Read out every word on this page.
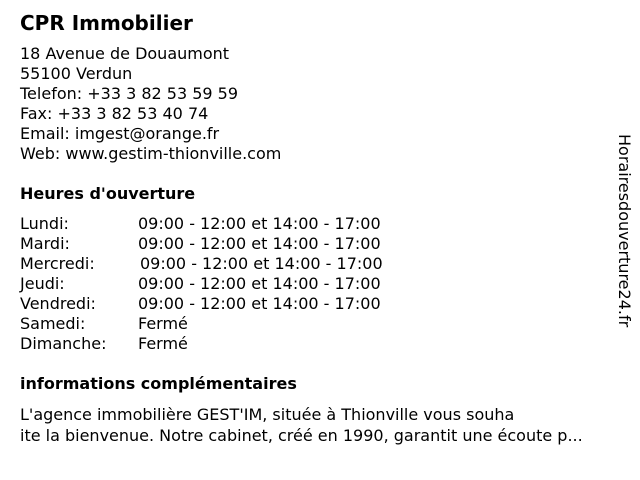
CPR Immobilier
18 Avenue de Douaumont
55100 Verdun
Telefon: +33 3 82 53 59 59
Fax: +33 3 82 53 40 74
Email: imgest@orange.fr
Web: www.gestim-thionville.com
Heures d'ouverture
Lundi:	09:00 - 12:00 et 14:00 - 17:00
Mardi:	09:00 - 12:00 et 14:00 - 17:00
Mercredi:	09:00 - 12:00 et 14:00 - 17:00
Jeudi:	09:00 - 12:00 et 14:00 - 17:00
Vendredi:	09:00 - 12:00 et 14:00 - 17:00
Samedi:	Fermé
Dimanche: Fermé
informations complémentaires
L'agence immobilière GEST'IM, située à Thionville vous souha
ite la bienvenue. Notre cabinet, créé en 1990, garantit une écoute p...
Horairesdouverture24.fr
